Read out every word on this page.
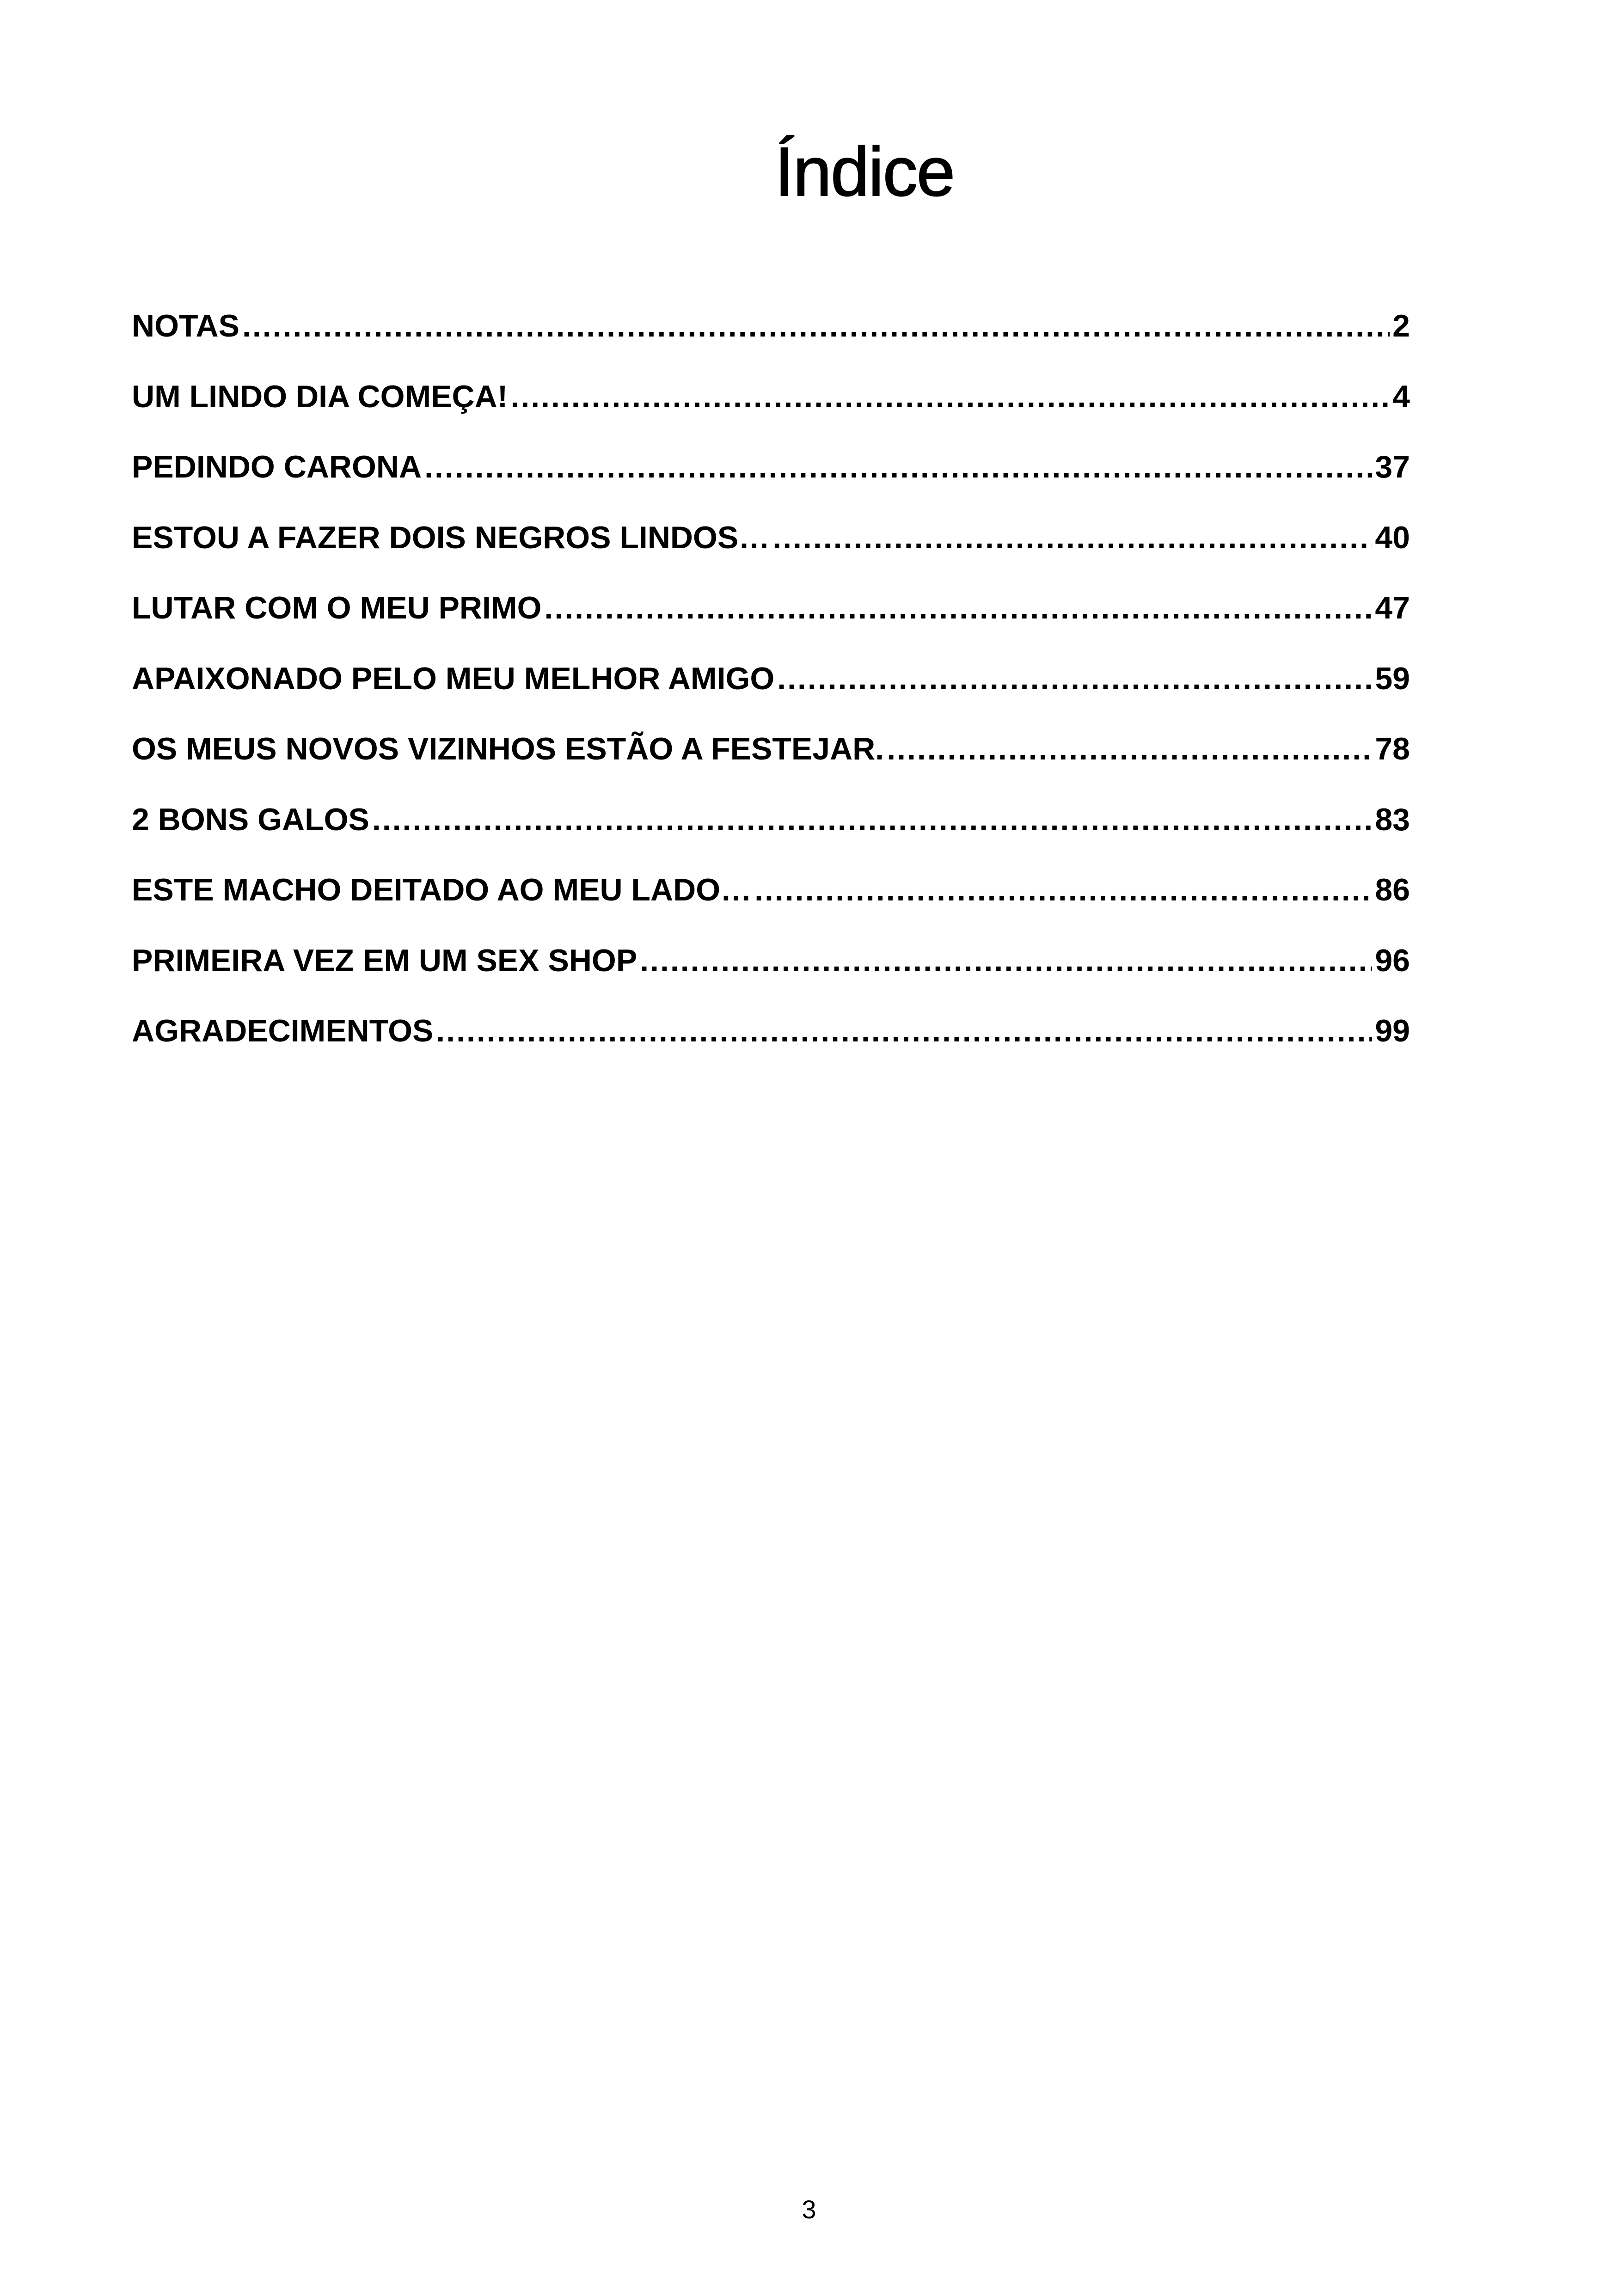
Índice
NOTAS .....	2
UM LINDO DIA COMEÇA! .....	4
PEDINDO CARONA .....	37
ESTOU A FAZER DOIS NEGROS LINDOS… .....	40
LUTAR COM O MEU PRIMO .....	47
APAIXONADO PELO MEU MELHOR AMIGO .....	59
OS MEUS NOVOS VIZINHOS ESTÃO A FESTEJAR. .....	78
2 BONS GALOS .....	83
ESTE MACHO DEITADO AO MEU LADO… .....	86
PRIMEIRA VEZ EM UM SEX SHOP .....	96
AGRADECIMENTOS .....	99
3
